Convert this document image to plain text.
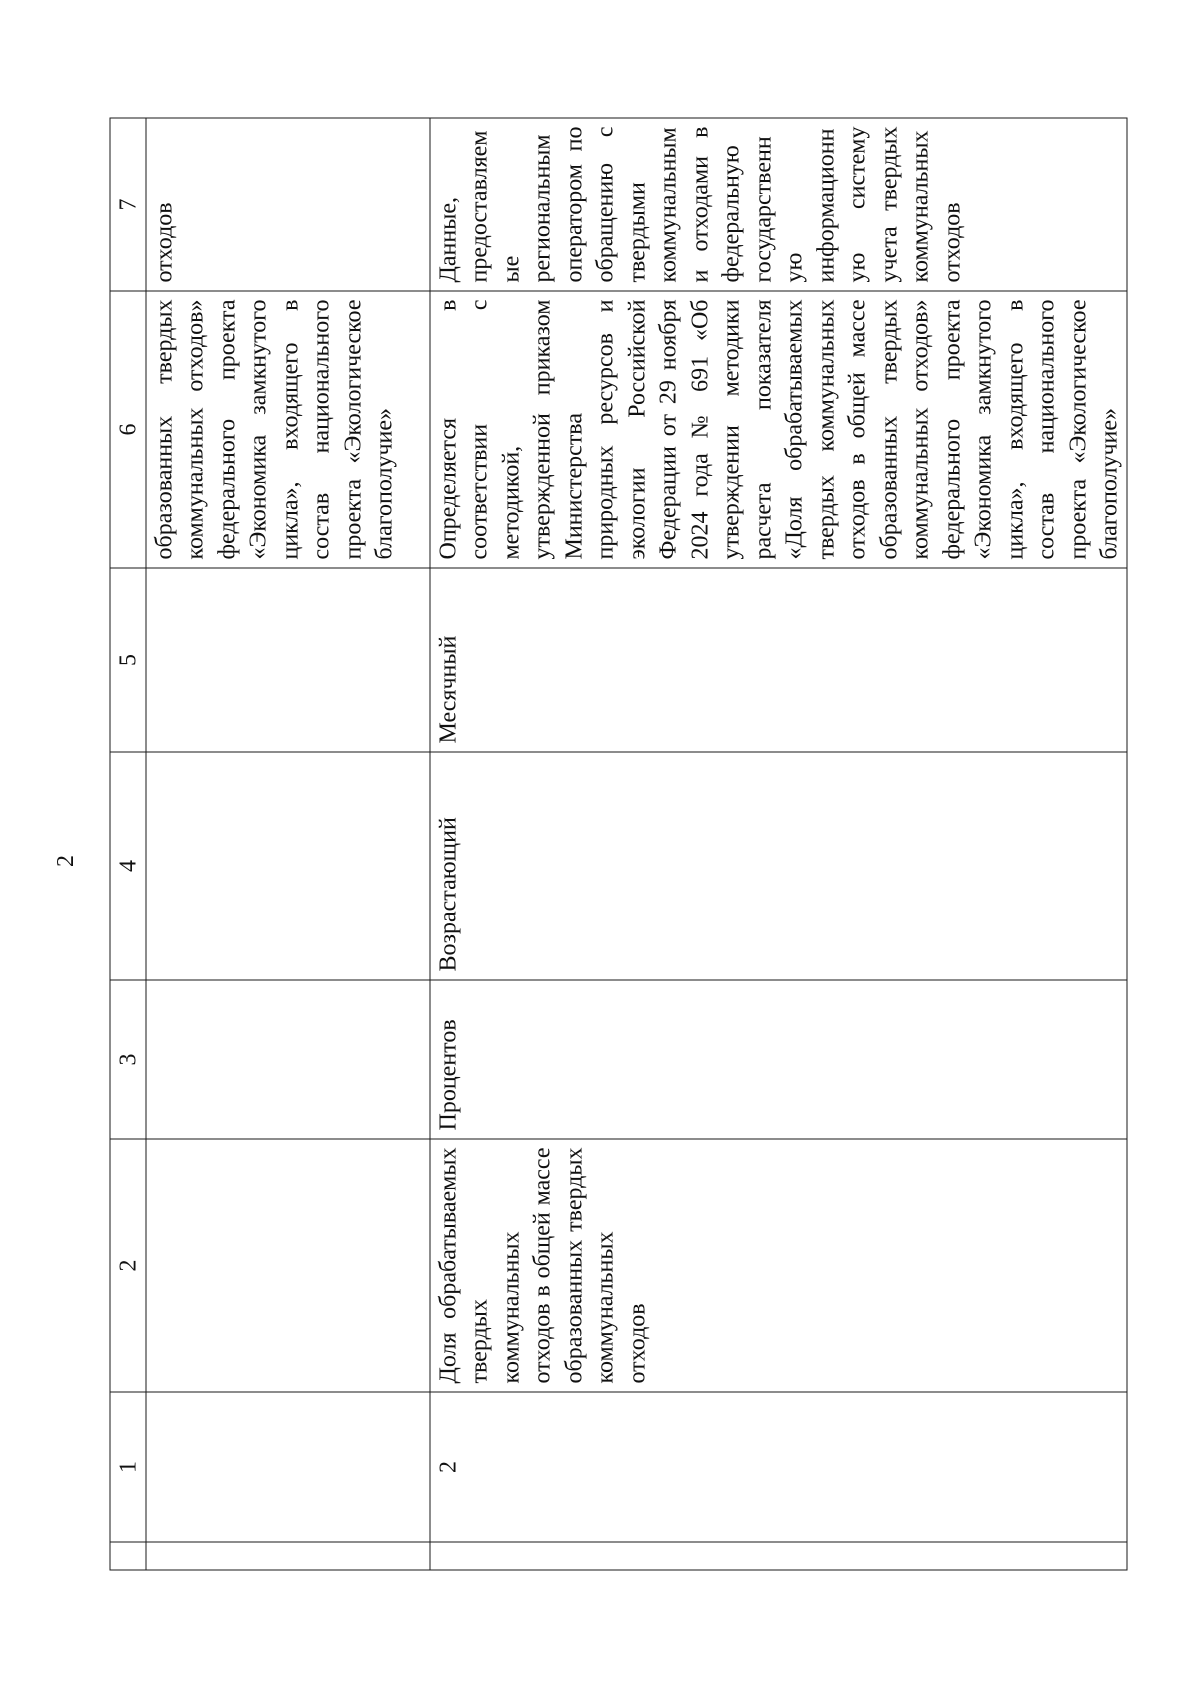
2
	1	2	3	4	5	6	7
						образованных твердых коммунальных отходов» федерального проекта «Экономика замкнутого цикла», входящего в состав национального проекта «Экологическое благополучие»	отходов
	2	Доля обрабатываемых твердых коммунальных отходов в общей массе образованных твердых коммунальных отходов	Процентов	Возрастающий	Месячный	Определяется в соответствии с методикой, утвержденной приказом Министерства природных ресурсов и экологии Российской Федерации от 29 ноября 2024 года № 691 «Об утверждении методики расчета показателя «Доля обрабатываемых твердых коммунальных отходов в общей массе образованных твердых коммунальных отходов» федерального проекта «Экономика замкнутого цикла», входящего в состав национального проекта «Экологическое благополучие»	Данные, предоставляемые региональным оператором по обращению с твердыми коммунальными отходами в федеральную государственную информационную систему учета твердых коммунальных отходов
